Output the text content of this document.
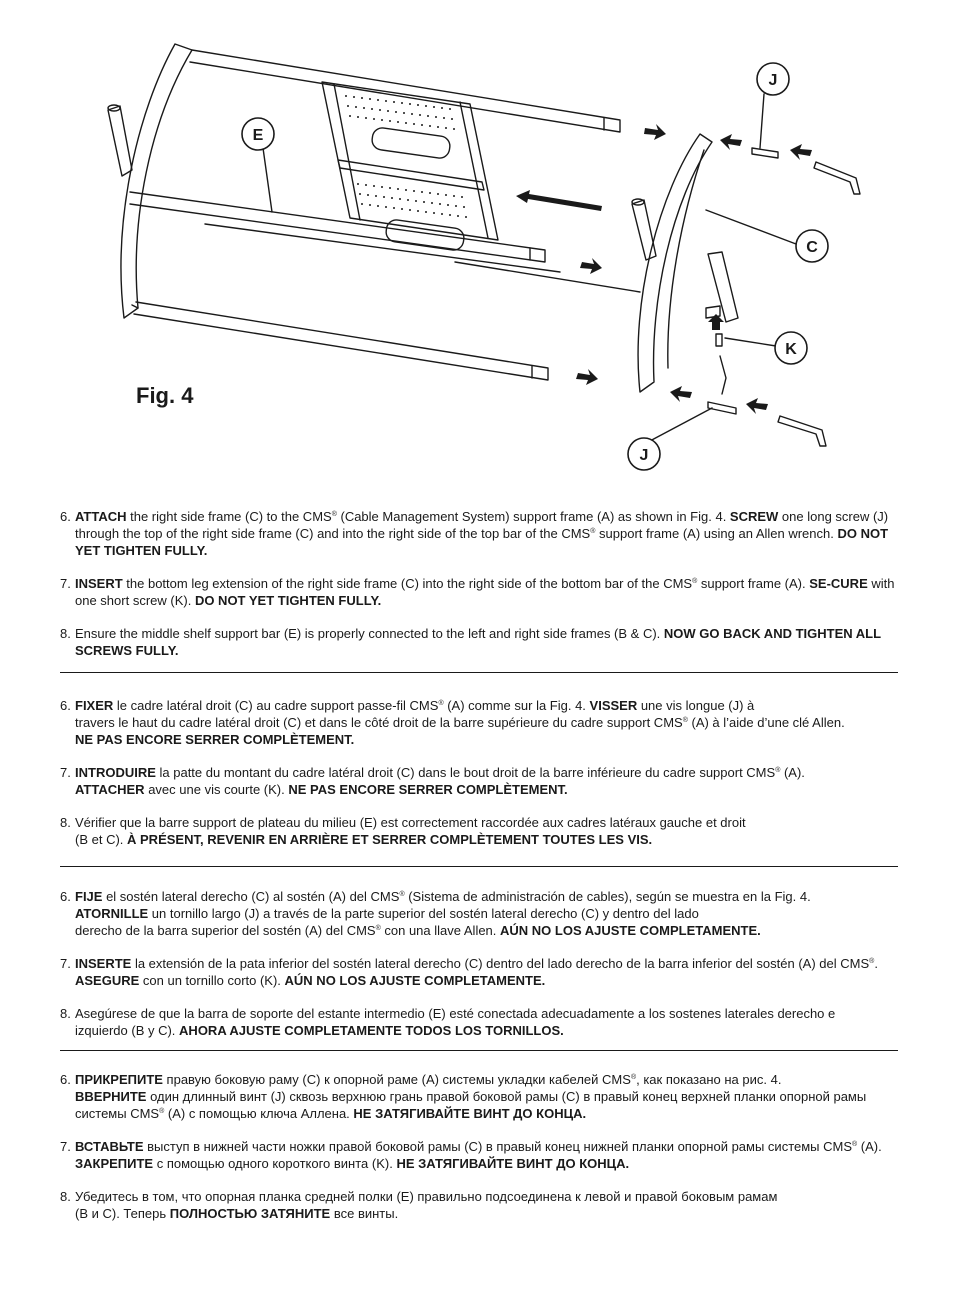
J
E
C
K
J
Fig. 4

6. ATTACH the right side frame (C) to the CMS® (Cable Management System) support frame (A) as shown in Fig. 4. SCREW one long screw (J) through the top of the right side frame (C) and into the right side of the top bar of the CMS® support frame (A) using an Allen wrench. DO NOT YET TIGHTEN FULLY.

7. INSERT the bottom leg extension of the right side frame (C) into the right side of the bottom bar of the CMS® support frame (A). SE-CURE with one short screw (K). DO NOT YET TIGHTEN FULLY.

8. Ensure the middle shelf support bar (E) is properly connected to the left and right side frames (B & C). NOW GO BACK AND TIGHTEN ALL SCREWS FULLY.

6. FIXER le cadre latéral droit (C) au cadre support passe-fil CMS® (A) comme sur la Fig. 4. VISSER une vis longue (J) à
travers le haut du cadre latéral droit (C) et dans le côté droit de la barre supérieure du cadre support CMS® (A) à l’aide d’une clé Allen.
NE PAS ENCORE SERRER COMPLÈTEMENT.

7. INTRODUIRE la patte du montant du cadre latéral droit (C) dans le bout droit de la barre inférieure du cadre support CMS® (A).
ATTACHER avec une vis courte (K). NE PAS ENCORE SERRER COMPLÈTEMENT.

8. Vérifier que la barre support de plateau du milieu (E) est correctement raccordée aux cadres latéraux gauche et droit
(B et C). À PRÉSENT, REVENIR EN ARRIÈRE ET SERRER COMPLÈTEMENT TOUTES LES VIS.

6. FIJE el sostén lateral derecho (C) al sostén (A) del CMS® (Sistema de administración de cables), según se muestra en la Fig. 4.
ATORNILLE un tornillo largo (J) a través de la parte superior del sostén lateral derecho (C) y dentro del lado
derecho de la barra superior del sostén (A) del CMS® con una llave Allen. AÚN NO LOS AJUSTE COMPLETAMENTE.

7. INSERTE la extensión de la pata inferior del sostén lateral derecho (C) dentro del lado derecho de la barra inferior del sostén (A) del CMS®.
ASEGURE con un tornillo corto (K). AÚN NO LOS AJUSTE COMPLETAMENTE.

8. Asegúrese de que la barra de soporte del estante intermedio (E) esté conectada adecuadamente a los sostenes laterales derecho e
izquierdo (B y C). AHORA AJUSTE COMPLETAMENTE TODOS LOS TORNILLOS.

6. ПРИКРЕПИТЕ правую боковую раму (C) к опорной раме (A) системы укладки кабелей CMS®, как показано на рис. 4.
ВВЕРНИТЕ один длинный винт (J) сквозь верхнюю грань правой боковой рамы (C) в правый конец верхней планки опорной рамы системы CMS® (A) с помощью ключа Аллена. НЕ ЗАТЯГИВАЙТЕ ВИНТ ДО КОНЦА.

7. ВСТАВЬТЕ выступ в нижней части ножки правой боковой рамы (C) в правый конец нижней планки опорной рамы системы CMS® (A). ЗАКРЕПИТЕ с помощью одного короткого винта (K). НЕ ЗАТЯГИВАЙТЕ ВИНТ ДО КОНЦА.

8. Убедитесь в том, что опорная планка средней полки (E) правильно подсоединена к левой и правой боковым рамам
(B и C). Теперь ПОЛНОСТЬЮ ЗАТЯНИТЕ все винты.
